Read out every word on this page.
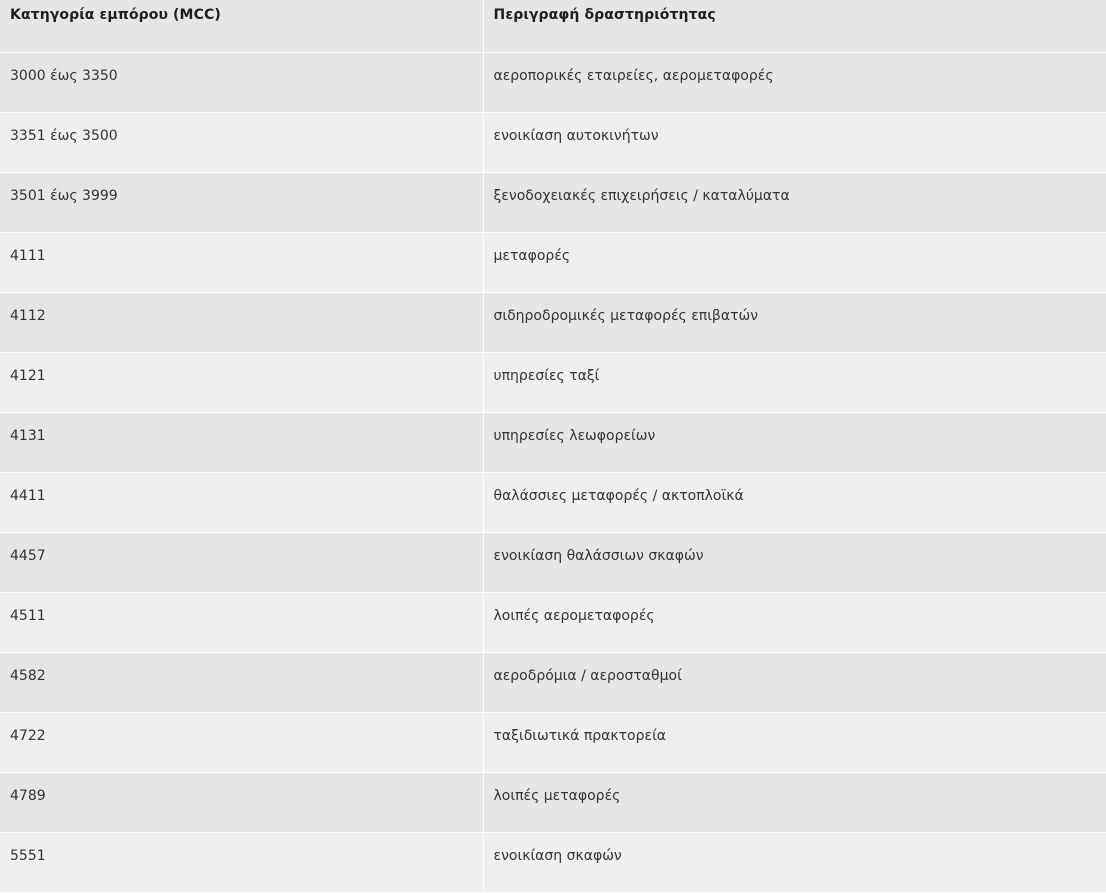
Κατηγορία εμπόρου (MCC)	Περιγραφή δραστηριότητας
3000 έως 3350	αεροπορικές εταιρείες, αερομεταφορές
3351 έως 3500	ενοικίαση αυτοκινήτων
3501 έως 3999	ξενοδοχειακές επιχειρήσεις / καταλύματα
4111	μεταφορές
4112	σιδηροδρομικές μεταφορές επιβατών
4121	υπηρεσίες ταξί
4131	υπηρεσίες λεωφορείων
4411	θαλάσσιες μεταφορές / ακτοπλοϊκά
4457	ενοικίαση θαλάσσιων σκαφών
4511	λοιπές αερομεταφορές
4582	αεροδρόμια / αεροσταθμοί
4722	ταξιδιωτικά πρακτορεία
4789	λοιπές μεταφορές
5551	ενοικίαση σκαφών
